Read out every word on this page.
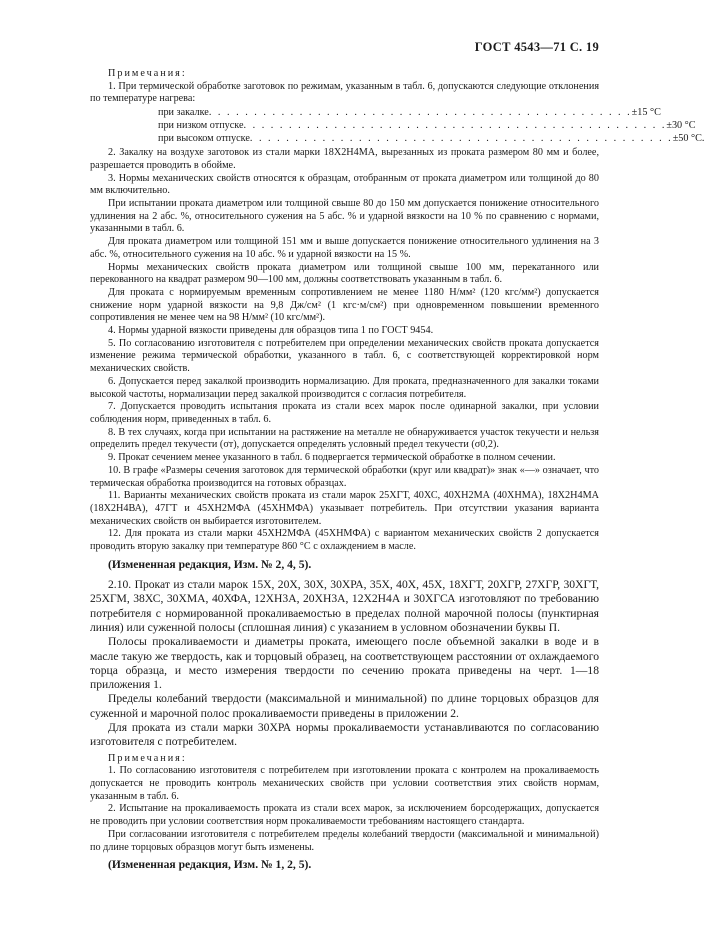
ГОСТ 4543—71 С. 19

Примечания:

1. При термической обработке заготовок по режимам, указанным в табл. 6, допускаются следующие отклонения по температуре нагрева:

при закалке . . . . . . . . . . . . . . . . . . . . . . . . . . . . . . . . . . . . . . . . . . . . . . . ±15 °С
при низком отпуске . . . . . . . . . . . . . . . . . . . . . . . . . . . . . . . . . . . . . . . . . . . . . . . ±30 °С
при высоком отпуске . . . . . . . . . . . . . . . . . . . . . . . . . . . . . . . . . . . . . . . . . . . . . . . ±50 °С.

2. Закалку на воздухе заготовок из стали марки 18Х2Н4МА, вырезанных из проката размером 80 мм и более, разрешается проводить в обойме.

3. Нормы механических свойств относятся к образцам, отобранным от проката диаметром или толщиной до 80 мм включительно.

При испытании проката диаметром или толщиной свыше 80 до 150 мм допускается понижение относительного удлинения на 2 абс. %, относительного сужения на 5 абс. % и ударной вязкости на 10 % по сравнению с нормами, указанными в табл. 6.

Для проката диаметром или толщиной 151 мм и выше допускается понижение относительного удлинения на 3 абс. %, относительного сужения на 10 абс. % и ударной вязкости на 15 %.

Нормы механических свойств проката диаметром или толщиной свыше 100 мм, перекатанного или перекованного на квадрат размером 90—100 мм, должны соответствовать указанным в табл. 6.

Для проката с нормируемым временным сопротивлением не менее 1180 Н/мм² (120 кгс/мм²) допускается снижение норм ударной вязкости на 9,8 Дж/см² (1 кгс·м/см²) при одновременном повышении временного сопротивления не менее чем на 98 Н/мм² (10 кгс/мм²).

4. Нормы ударной вязкости приведены для образцов типа 1 по ГОСТ 9454.

5. По согласованию изготовителя с потребителем при определении механических свойств проката допускается изменение режима термической обработки, указанного в табл. 6, с соответствующей корректировкой норм механических свойств.

6. Допускается перед закалкой производить нормализацию. Для проката, предназначенного для закалки токами высокой частоты, нормализации перед закалкой производится с согласия потребителя.

7. Допускается проводить испытания проката из стали всех марок после одинарной закалки, при условии соблюдения норм, приведенных в табл. 6.

8. В тех случаях, когда при испытании на растяжение на металле не обнаруживается участок текучести и нельзя определить предел текучести (σт), допускается определять условный предел текучести (σ0,2).

9. Прокат сечением менее указанного в табл. 6 подвергается термической обработке в полном сечении.

10. В графе «Размеры сечения заготовок для термической обработки (круг или квадрат)» знак «—» означает, что термическая обработка производится на готовых образцах.

11. Варианты механических свойств проката из стали марок 25ХГТ, 40ХС, 40ХН2МА (40ХНМА), 18Х2Н4МА (18Х2Н4ВА), 47ГТ и 45ХН2МФА (45ХНМФА) указывает потребитель. При отсутствии указания варианта механических свойств он выбирается изготовителем.

12. Для проката из стали марки 45ХН2МФА (45ХНМФА) с вариантом механических свойств 2 допускается проводить вторую закалку при температуре 860 °С с охлаждением в масле.

(Измененная редакция, Изм. № 2, 4, 5).

2.10. Прокат из стали марок 15Х, 20Х, 30Х, 30ХРА, 35Х, 40Х, 45Х, 18ХГТ, 20ХГР, 27ХГР, 30ХГТ, 25ХГМ, 38ХС, 30ХМА, 40ХФА, 12ХН3А, 20ХН3А, 12Х2Н4А и 30ХГСА изготовляют по требованию потребителя с нормированной прокаливаемостью в пределах полной марочной полосы (пунктирная линия) или суженной полосы (сплошная линия) с указанием в условном обозначении буквы П.

Полосы прокаливаемости и диаметры проката, имеющего после объемной закалки в воде и в масле такую же твердость, как и торцовый образец, на соответствующем расстоянии от охлаждаемого торца образца, и место измерения твердости по сечению проката приведены на черт. 1—18 приложения 1.

Пределы колебаний твердости (максимальной и минимальной) по длине торцовых образцов для суженной и марочной полос прокаливаемости приведены в приложении 2.

Для проката из стали марки 30ХРА нормы прокаливаемости устанавливаются по согласованию изготовителя с потребителем.

Примечания:

1. По согласованию изготовителя с потребителем при изготовлении проката с контролем на прокаливаемость допускается не проводить контроль механических свойств при условии соответствия этих свойств нормам, указанным в табл. 6.

2. Испытание на прокаливаемость проката из стали всех марок, за исключением борсодержащих, допускается не проводить при условии соответствия норм прокаливаемости требованиям настоящего стандарта.

При согласовании изготовителя с потребителем пределы колебаний твердости (максимальной и минимальной) по длине торцовых образцов могут быть изменены.

(Измененная редакция, Изм. № 1, 2, 5).
